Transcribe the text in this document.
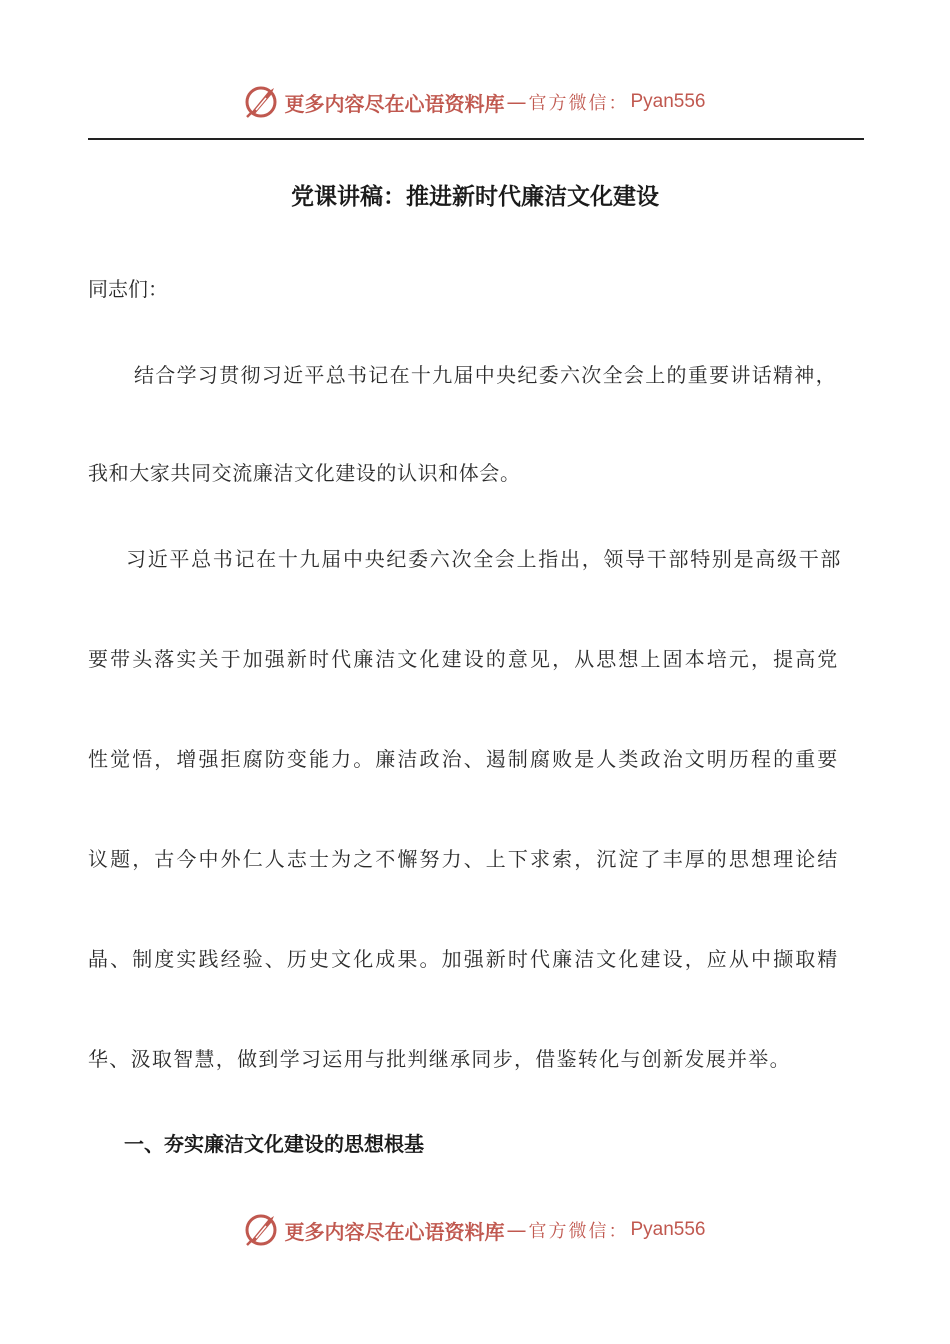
更多内容尽在心语资料库 — 官方微信： Pyan556
党课讲稿：推进新时代廉洁文化建设
同志们：
结合学习贯彻习近平总书记在十九届中央纪委六次全会上的重要讲话精神，
我和大家共同交流廉洁文化建设的认识和体会。
习近平总书记在十九届中央纪委六次全会上指出，领导干部特别是高级干部
要带头落实关于加强新时代廉洁文化建设的意见，从思想上固本培元，提高党
性觉悟，增强拒腐防变能力。廉洁政治、遏制腐败是人类政治文明历程的重要
议题，古今中外仁人志士为之不懈努力、上下求索，沉淀了丰厚的思想理论结
晶、制度实践经验、历史文化成果。加强新时代廉洁文化建设，应从中撷取精
华、汲取智慧，做到学习运用与批判继承同步，借鉴转化与创新发展并举。
一、夯实廉洁文化建设的思想根基
更多内容尽在心语资料库 — 官方微信： Pyan556
